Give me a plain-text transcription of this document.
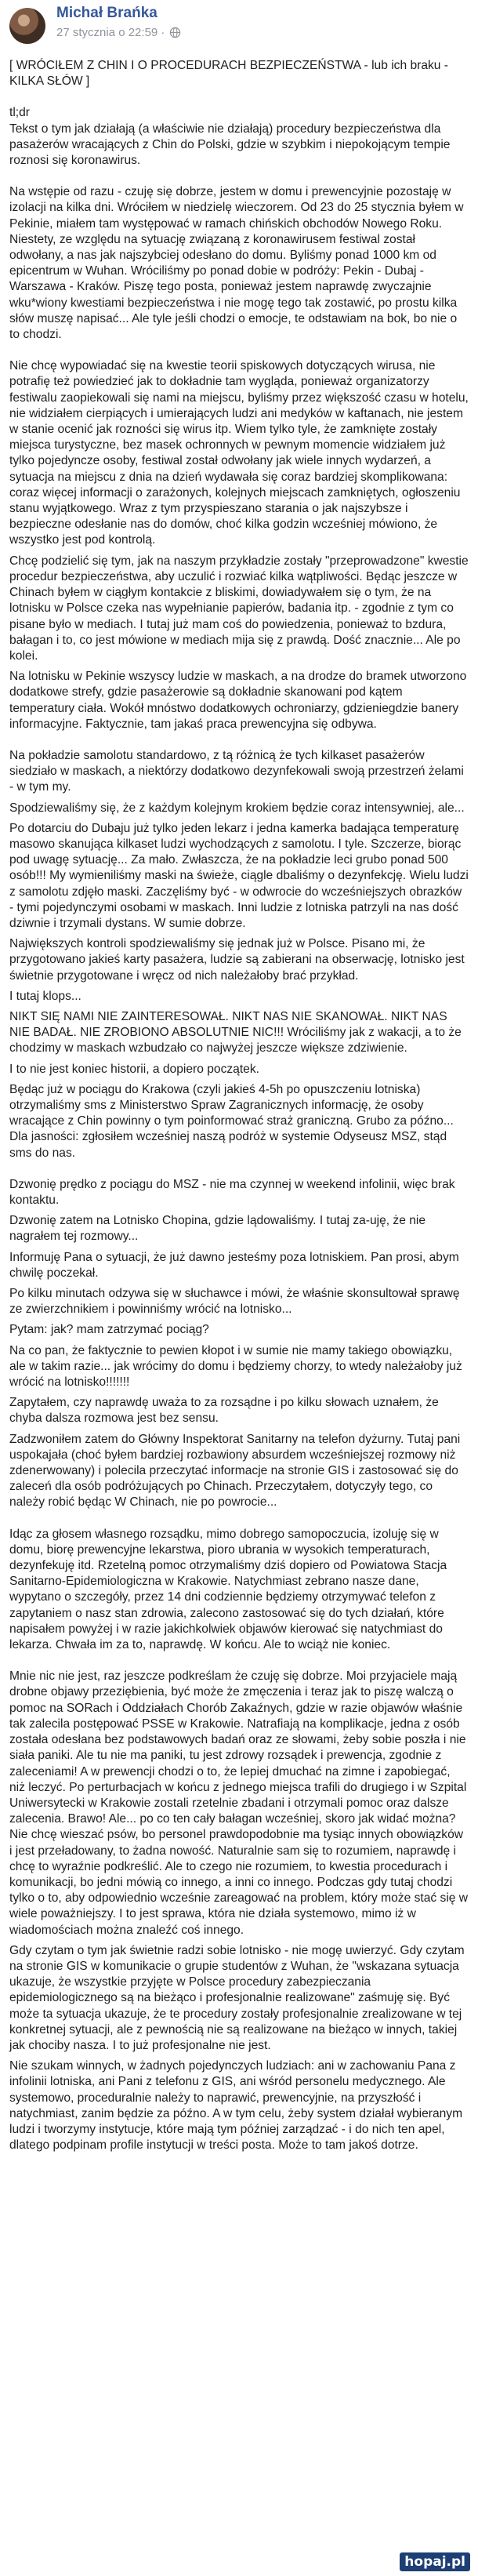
Michał Brańka
27 stycznia o 22:59 ·

[ WRÓCIŁEM Z CHIN I O PROCEDURACH BEZPIECZEŃSTWA - lub ich braku - KILKA SŁÓW ]

tl;dr
Tekst o tym jak działają (a właściwie nie działają) procedury bezpieczeństwa dla pasażerów wracających z Chin do Polski, gdzie w szybkim i niepokojącym tempie roznosi się koronawirus.

Na wstępie od razu - czuję się dobrze, jestem w domu i prewencyjnie pozostaję w izolacji na kilka dni. Wróciłem w niedzielę wieczorem. Od 23 do 25 stycznia byłem w Pekinie, miałem tam występować w ramach chińskich obchodów Nowego Roku. Niestety, ze względu na sytuację związaną z koronawirusem festiwal został odwołany, a nas jak najszybciej odesłano do domu. Byliśmy ponad 1000 km od epicentrum w Wuhan. Wróciliśmy po ponad dobie w podróży: Pekin - Dubaj - Warszawa - Kraków. Piszę tego posta, ponieważ jestem naprawdę zwyczajnie wku*wiony kwestiami bezpieczeństwa i nie mogę tego tak zostawić, po prostu kilka słów muszę napisać... Ale tyle jeśli chodzi o emocje, te odstawiam na bok, bo nie o to chodzi.

Nie chcę wypowiadać się na kwestie teorii spiskowych dotyczących wirusa, nie potrafię też powiedzieć jak to dokładnie tam wygląda, ponieważ organizatorzy festiwalu zaopiekowali się nami na miejscu, byliśmy przez większość czasu w hotelu, nie widziałem cierpiących i umierających ludzi ani medyków w kaftanach, nie jestem w stanie ocenić jak rozności się wirus itp. Wiem tylko tyle, że zamknięte zostały miejsca turystyczne, bez masek ochronnych w pewnym momencie widziałem już tylko pojedyncze osoby, festiwal został odwołany jak wiele innych wydarzeń, a sytuacja na miejscu z dnia na dzień wydawała się coraz bardziej skomplikowana: coraz więcej informacji o zarażonych, kolejnych miejscach zamkniętych, ogłoszeniu stanu wyjątkowego. Wraz z tym przyspieszano starania o jak najszybsze i bezpieczne odesłanie nas do domów, choć kilka godzin wcześniej mówiono, że wszystko jest pod kontrolą.

Chcę podzielić się tym, jak na naszym przykładzie zostały "przeprowadzone" kwestie procedur bezpieczeństwa, aby uczulić i rozwiać kilka wątpliwości. Będąc jeszcze w Chinach byłem w ciągłym kontakcie z bliskimi, dowiadywałem się o tym, że na lotnisku w Polsce czeka nas wypełnianie papierów, badania itp. - zgodnie z tym co pisane było w mediach. I tutaj już mam coś do powiedzenia, ponieważ to bzdura, bałagan i to, co jest mówione w mediach mija się z prawdą. Dość znacznie... Ale po kolei.

Na lotnisku w Pekinie wszyscy ludzie w maskach, a na drodze do bramek utworzono dodatkowe strefy, gdzie pasażerowie są dokładnie skanowani pod kątem temperatury ciała. Wokół mnóstwo dodatkowych ochroniarzy, gdzieniegdzie banery informacyjne. Faktycznie, tam jakaś praca prewencyjna się odbywa.

Na pokładzie samolotu standardowo, z tą różnicą że tych kilkaset pasażerów siedziało w maskach, a niektórzy dodatkowo dezynfekowali swoją przestrzeń żelami - w tym my.

Spodziewaliśmy się, że z każdym kolejnym krokiem będzie coraz intensywniej, ale...

Po dotarciu do Dubaju już tylko jeden lekarz i jedna kamerka badająca temperaturę masowo skanująca kilkaset ludzi wychodzących z samolotu. I tyle. Szczerze, biorąc pod uwagę sytuację... Za mało. Zwłaszcza, że na pokładzie leci grubo ponad 500 osób!!! My wymieniliśmy maski na świeże, ciągle dbaliśmy o dezynfekcję. Wielu ludzi z samolotu zdjęło maski. Zaczęliśmy być - w odwrocie do wcześniejszych obrazków - tymi pojedynczymi osobami w maskach. Inni ludzie z lotniska patrzyli na nas dość dziwnie i trzymali dystans. W sumie dobrze.

Największych kontroli spodziewaliśmy się jednak już w Polsce. Pisano mi, że przygotowano jakieś karty pasażera, ludzie są zabierani na obserwację, lotnisko jest świetnie przygotowane i wręcz od nich należałoby brać przykład.

I tutaj klops...

NIKT SIĘ NAMI NIE ZAINTERESOWAŁ. NIKT NAS NIE SKANOWAŁ. NIKT NAS NIE BADAŁ. NIE ZROBIONO ABSOLUTNIE NIC!!! Wróciliśmy jak z wakacji, a to że chodzimy w maskach wzbudzało co najwyżej jeszcze większe zdziwienie.

I to nie jest koniec historii, a dopiero początek.

Będąc już w pociągu do Krakowa (czyli jakieś 4-5h po opuszczeniu lotniska) otrzymaliśmy sms z Ministerstwo Spraw Zagranicznych informację, że osoby wracające z Chin powinny o tym poinformować straż graniczną. Grubo za późno... Dla jasności: zgłosiłem wcześniej naszą podróż w systemie Odyseusz MSZ, stąd sms do nas.

Dzwonię prędko z pociągu do MSZ - nie ma czynnej w weekend infolinii, więc brak kontaktu.

Dzwonię zatem na Lotnisko Chopina, gdzie lądowaliśmy. I tutaj za-uję, że nie nagrałem tej rozmowy...

Informuję Pana o sytuacji, że już dawno jesteśmy poza lotniskiem. Pan prosi, abym chwilę poczekał.

Po kilku minutach odzywa się w słuchawce i mówi, że właśnie skonsultował sprawę ze zwierzchnikiem i powinniśmy wrócić na lotnisko...

Pytam: jak? mam zatrzymać pociąg?

Na co pan, że faktycznie to pewien kłopot i w sumie nie mamy takiego obowiązku, ale w takim razie... jak wrócimy do domu i będziemy chorzy, to wtedy należałoby już wrócić na lotnisko!!!!!!!

Zapytałem, czy naprawdę uważa to za rozsądne i po kilku słowach uznałem, że chyba dalsza rozmowa jest bez sensu.

Zadzwoniłem zatem do Główny Inspektorat Sanitarny na telefon dyżurny. Tutaj pani uspokajała (choć byłem bardziej rozbawiony absurdem wcześniejszej rozmowy niż zdenerwowany) i polecila przeczytać informacje na stronie GIS i zastosować się do zaleceń dla osób podróżujących po Chinach. Przeczytałem, dotyczyły tego, co należy robić będąc W Chinach, nie po powrocie...

Idąc za głosem własnego rozsądku, mimo dobrego samopoczucia, izoluję się w domu, biorę prewencyjne lekarstwa, pioro ubrania w wysokich temperaturach, dezynfekuję itd. Rzetelną pomoc otrzymaliśmy dziś dopiero od Powiatowa Stacja Sanitarno-Epidemiologiczna w Krakowie. Natychmiast zebrano nasze dane, wypytano o szczegóły, przez 14 dni codziennie będziemy otrzymywać telefon z zapytaniem o nasz stan zdrowia, zalecono zastosować się do tych działań, które napisałem powyżej i w razie jakichkolwiek objawów kierować się natychmiast do lekarza. Chwała im za to, naprawdę. W końcu. Ale to wciąż nie koniec.

Mnie nic nie jest, raz jeszcze podkreślam że czuję się dobrze. Moi przyjaciele mają drobne objawy przeziębienia, być może że zmęczenia i teraz jak to piszę walczą o pomoc na SORach i Oddziałach Chorób Zakaźnych, gdzie w razie objawów właśnie tak zalecila postępować PSSE w Krakowie. Natrafiają na komplikacje, jedna z osób została odesłana bez podstawowych badań oraz ze słowami, żeby sobie poszła i nie siała paniki. Ale tu nie ma paniki, tu jest zdrowy rozsądek i prewencja, zgodnie z zaleceniami! A w prewencji chodzi o to, że lepiej dmuchać na zimne i zapobiegać, niż leczyć. Po perturbacjach w końcu z jednego miejsca trafili do drugiego i w Szpital Uniwersytecki w Krakowie zostali rzetelnie zbadani i otrzymali pomoc oraz dalsze zalecenia. Brawo! Ale... po co ten cały bałagan wcześniej, skoro jak widać można? Nie chcę wieszać psów, bo personel prawdopodobnie ma tysiąc innych obowiązków i jest przeładowany, to żadna nowość. Naturalnie sam się to rozumiem, naprawdę i chcę to wyraźnie podkreślić. Ale to czego nie rozumiem, to kwestia procedurach i komunikacji, bo jedni mówią co innego, a inni co innego. Podczas gdy tutaj chodzi tylko o to, aby odpowiednio wcześnie zareagować na problem, który może stać się w wiele poważniejszy. I to jest sprawa, która nie działa systemowo, mimo iż w wiadomościach można znaleźć coś innego.

Gdy czytam o tym jak świetnie radzi sobie lotnisko - nie mogę uwierzyć. Gdy czytam na stronie GIS w komunikacie o grupie studentów z Wuhan, że "wskazana sytuacja ukazuje, że wszystkie przyjęte w Polsce procedury zabezpieczania epidemiologicznego są na bieżąco i profesjonalnie realizowane" zaśmuję się. Być może ta sytuacja ukazuje, że te procedury zostały profesjonalnie zrealizowane w tej konkretnej sytuacji, ale z pewnością nie są realizowane na bieżąco w innych, takiej jak chociby nasza. I to już profesjonalne nie jest.

Nie szukam winnych, w żadnych pojedynczych ludziach: ani w zachowaniu Pana z infolinii lotniska, ani Pani z telefonu z GIS, ani wśród personelu medycznego. Ale systemowo, proceduralnie należy to naprawić, prewencyjnie, na przyszłość i natychmiast, zanim będzie za późno. A w tym celu, żeby system działał wybieranym ludzi i tworzymy instytucje, które mają tym później zarządzać - i do nich ten apel, dlatego podpinam profile instytucji w treści posta. Może to tam jakoś dotrze.

hopaj.pl
